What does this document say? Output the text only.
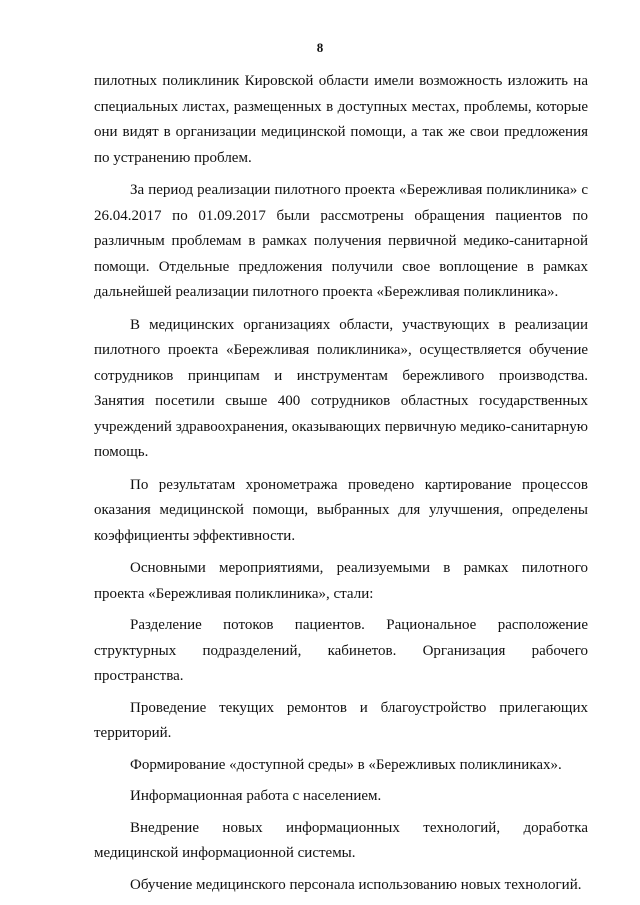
8

пилотных поликлиник Кировской области имели возможность изложить на специальных листах, размещенных в доступных местах, проблемы, которые они видят в организации медицинской помощи, а так же свои предложения по устранению проблем.

За период реализации пилотного проекта «Бережливая поликлиника» с 26.04.2017 по 01.09.2017 были рассмотрены обращения пациентов по различным проблемам в рамках получения первичной медико-санитарной помощи. Отдельные предложения получили свое воплощение в рамках дальнейшей реализации пилотного проекта «Бережливая поликлиника».

В медицинских организациях области, участвующих в реализации пилотного проекта «Бережливая поликлиника», осуществляется обучение сотрудников принципам и инструментам бережливого производства. Занятия посетили свыше 400 сотрудников областных государственных учреждений здравоохранения, оказывающих первичную медико-санитарную помощь.

По результатам хронометража проведено картирование процессов оказания медицинской помощи, выбранных для улучшения, определены коэффициенты эффективности.

Основными мероприятиями, реализуемыми в рамках пилотного проекта «Бережливая поликлиника», стали:

Разделение потоков пациентов. Рациональное расположение структурных подразделений, кабинетов. Организация рабочего пространства.

Проведение текущих ремонтов и благоустройство прилегающих территорий.

Формирование «доступной среды» в «Бережливых поликлиниках».

Информационная работа с населением.

Внедрение новых информационных технологий, доработка медицинской информационной системы.

Обучение медицинского персонала использованию новых технологий.
